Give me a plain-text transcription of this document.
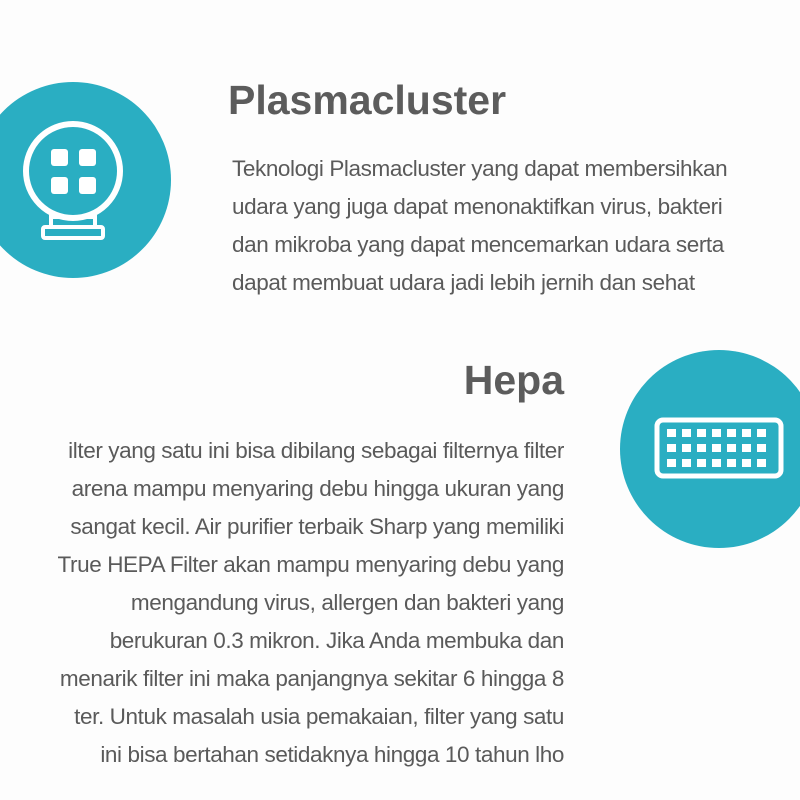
Plasmacluster

Teknologi Plasmacluster yang dapat membersihkan
udara yang juga dapat menonaktifkan virus, bakteri
dan mikroba yang dapat mencemarkan udara serta
dapat membuat udara jadi lebih jernih dan sehat

Hepa

ilter yang satu ini bisa dibilang sebagai filternya filter
arena mampu menyaring debu hingga ukuran yang
sangat kecil. Air purifier terbaik Sharp yang memiliki
True HEPA Filter akan mampu menyaring debu yang
mengandung virus, allergen dan bakteri yang
berukuran 0.3 mikron. Jika Anda membuka dan
menarik filter ini maka panjangnya sekitar 6 hingga 8
ter. Untuk masalah usia pemakaian, filter yang satu
ini bisa bertahan setidaknya hingga 10 tahun lho
